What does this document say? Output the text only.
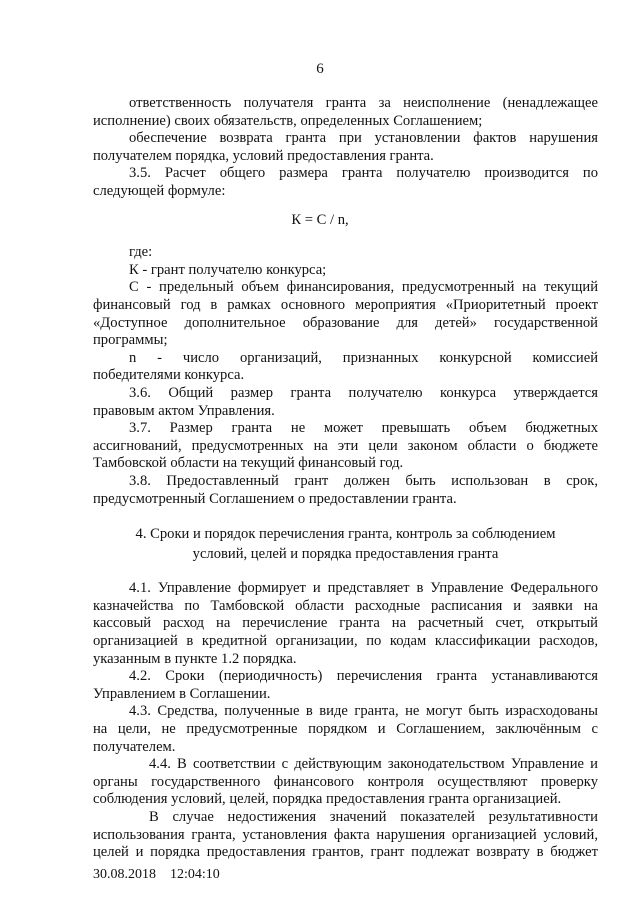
6
ответственность получателя гранта за неисполнение (ненадлежащее
исполнение) своих обязательств, определенных Соглашением;
обеспечение возврата гранта при установлении фактов нарушения
получателем порядка, условий предоставления гранта.
3.5. Расчет общего размера гранта получателю производится по
следующей формуле:
К = С / n,
где:
К - грант получателю конкурса;
С - предельный объем финансирования, предусмотренный на текущий
финансовый год в рамках основного мероприятия «Приоритетный проект
«Доступное дополнительное образование для детей» государственной
программы;
n - число организаций, признанных конкурсной комиссией
победителями конкурса.
3.6. Общий размер гранта получателю конкурса утверждается
правовым актом Управления.
3.7. Размер гранта не может превышать объем бюджетных
ассигнований, предусмотренных на эти цели законом области о бюджете
Тамбовской области на текущий финансовый год.
3.8. Предоставленный грант должен быть использован в срок,
предусмотренный Соглашением о предоставлении гранта.
4. Сроки и порядок перечисления гранта, контроль за соблюдением
условий, целей и порядка предоставления гранта
4.1. Управление формирует и представляет в Управление Федерального
казначейства по Тамбовской области расходные расписания и заявки на
кассовый расход на перечисление гранта на расчетный счет, открытый
организацией в кредитной организации, по кодам классификации расходов,
указанным в пункте 1.2 порядка.
4.2. Сроки (периодичность) перечисления гранта устанавливаются
Управлением в Соглашении.
4.3. Средства, полученные в виде гранта, не могут быть израсходованы
на цели, не предусмотренные порядком и Соглашением, заключённым с
получателем.
4.4. В соответствии с действующим законодательством Управление и
органы государственного финансового контроля осуществляют проверку
соблюдения условий, целей, порядка предоставления гранта организацией.
В случае недостижения значений показателей результативности
использования гранта, установления факта нарушения организацией условий,
целей и порядка предоставления грантов, грант подлежат возврату в бюджет
30.08.2018 12:04:10
